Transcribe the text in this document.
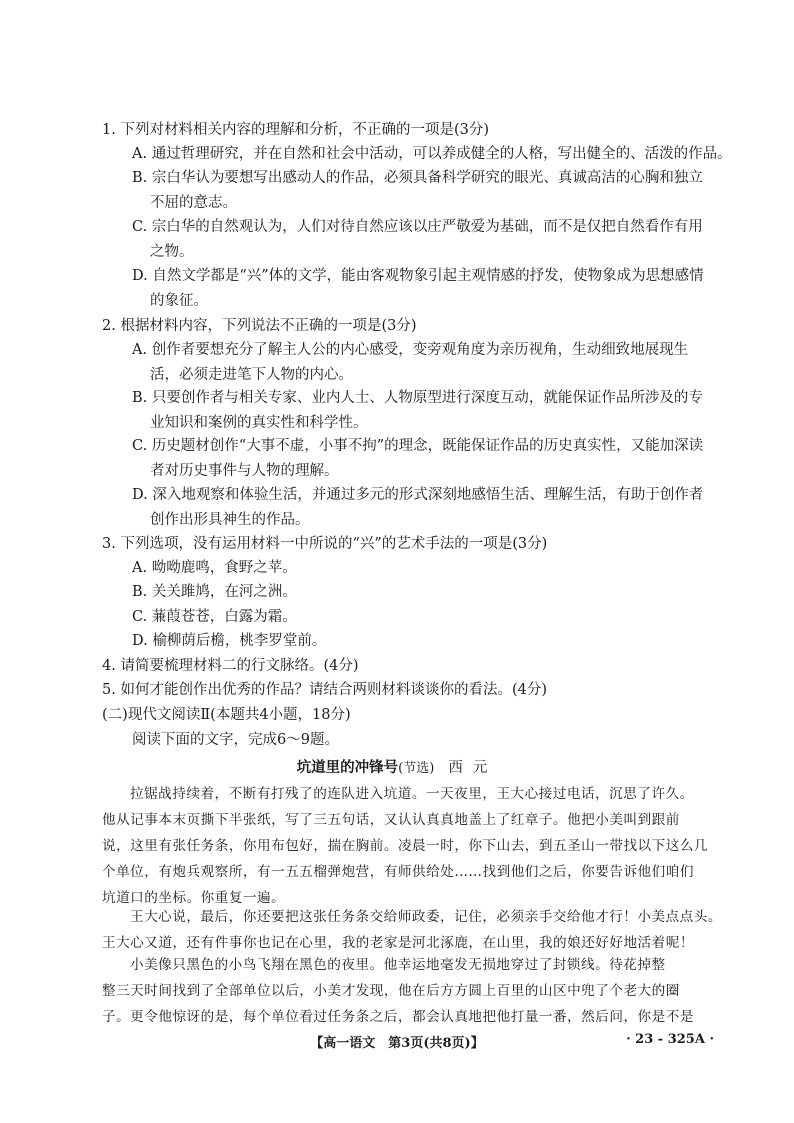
1. 下列对材料相关内容的理解和分析，不正确的一项是(3分)
A. 通过哲理研究，并在自然和社会中活动，可以养成健全的人格，写出健全的、活泼的作品。
B. 宗白华认为要想写出感动人的作品，必须具备科学研究的眼光、真诚高洁的心胸和独立
不屈的意志。
C. 宗白华的自然观认为，人们对待自然应该以庄严敬爱为基础，而不是仅把自然看作有用
之物。
D. 自然文学都是“兴”体的文学，能由客观物象引起主观情感的抒发，使物象成为思想感情
的象征。
2. 根据材料内容，下列说法不正确的一项是(3分)
A. 创作者要想充分了解主人公的内心感受，变旁观角度为亲历视角，生动细致地展现生
活，必须走进笔下人物的内心。
B. 只要创作者与相关专家、业内人士、人物原型进行深度互动，就能保证作品所涉及的专
业知识和案例的真实性和科学性。
C. 历史题材创作“大事不虚，小事不拘”的理念，既能保证作品的历史真实性，又能加深读
者对历史事件与人物的理解。
D. 深入地观察和体验生活，并通过多元的形式深刻地感悟生活、理解生活，有助于创作者
创作出形具神生的作品。
3. 下列选项，没有运用材料一中所说的“兴”的艺术手法的一项是(3分)
A. 呦呦鹿鸣，食野之苹。
B. 关关雎鸠，在河之洲。
C. 蒹葭苍苍，白露为霜。
D. 榆柳荫后檐，桃李罗堂前。
4. 请简要梳理材料二的行文脉络。(4分)
5. 如何才能创作出优秀的作品？请结合两则材料谈谈你的看法。(4分)
(二)现代文阅读Ⅱ(本题共4小题，18分)
阅读下面的文字，完成6～9题。
坑道里的冲锋号(节选) 西元
拉锯战持续着，不断有打残了的连队进入坑道。一天夜里，王大心接过电话，沉思了许久。
他从记事本末页撕下半张纸，写了三五句话，又认认真真地盖上了红章子。他把小美叫到跟前
说，这里有张任务条，你用布包好，揣在胸前。凌晨一时，你下山去，到五圣山一带找以下这么几
个单位，有炮兵观察所，有一五五榴弹炮营，有师供给处……找到他们之后，你要告诉他们咱们
坑道口的坐标。你重复一遍。
王大心说，最后，你还要把这张任务条交给师政委，记住，必须亲手交给他才行！小美点点头。
王大心又道，还有件事你也记在心里，我的老家是河北涿鹿，在山里，我的娘还好好地活着呢！
小美像只黑色的小鸟飞翔在黑色的夜里。他幸运地毫发无损地穿过了封锁线。待花掉整
整三天时间找到了全部单位以后，小美才发现，他在后方方圆上百里的山区中兜了个老大的圈
子。更令他惊讶的是，每个单位看过任务条之后，都会认真地把他打量一番，然后问，你是不是
【高一语文　第3页(共8页)】	· 23 - 325A ·
